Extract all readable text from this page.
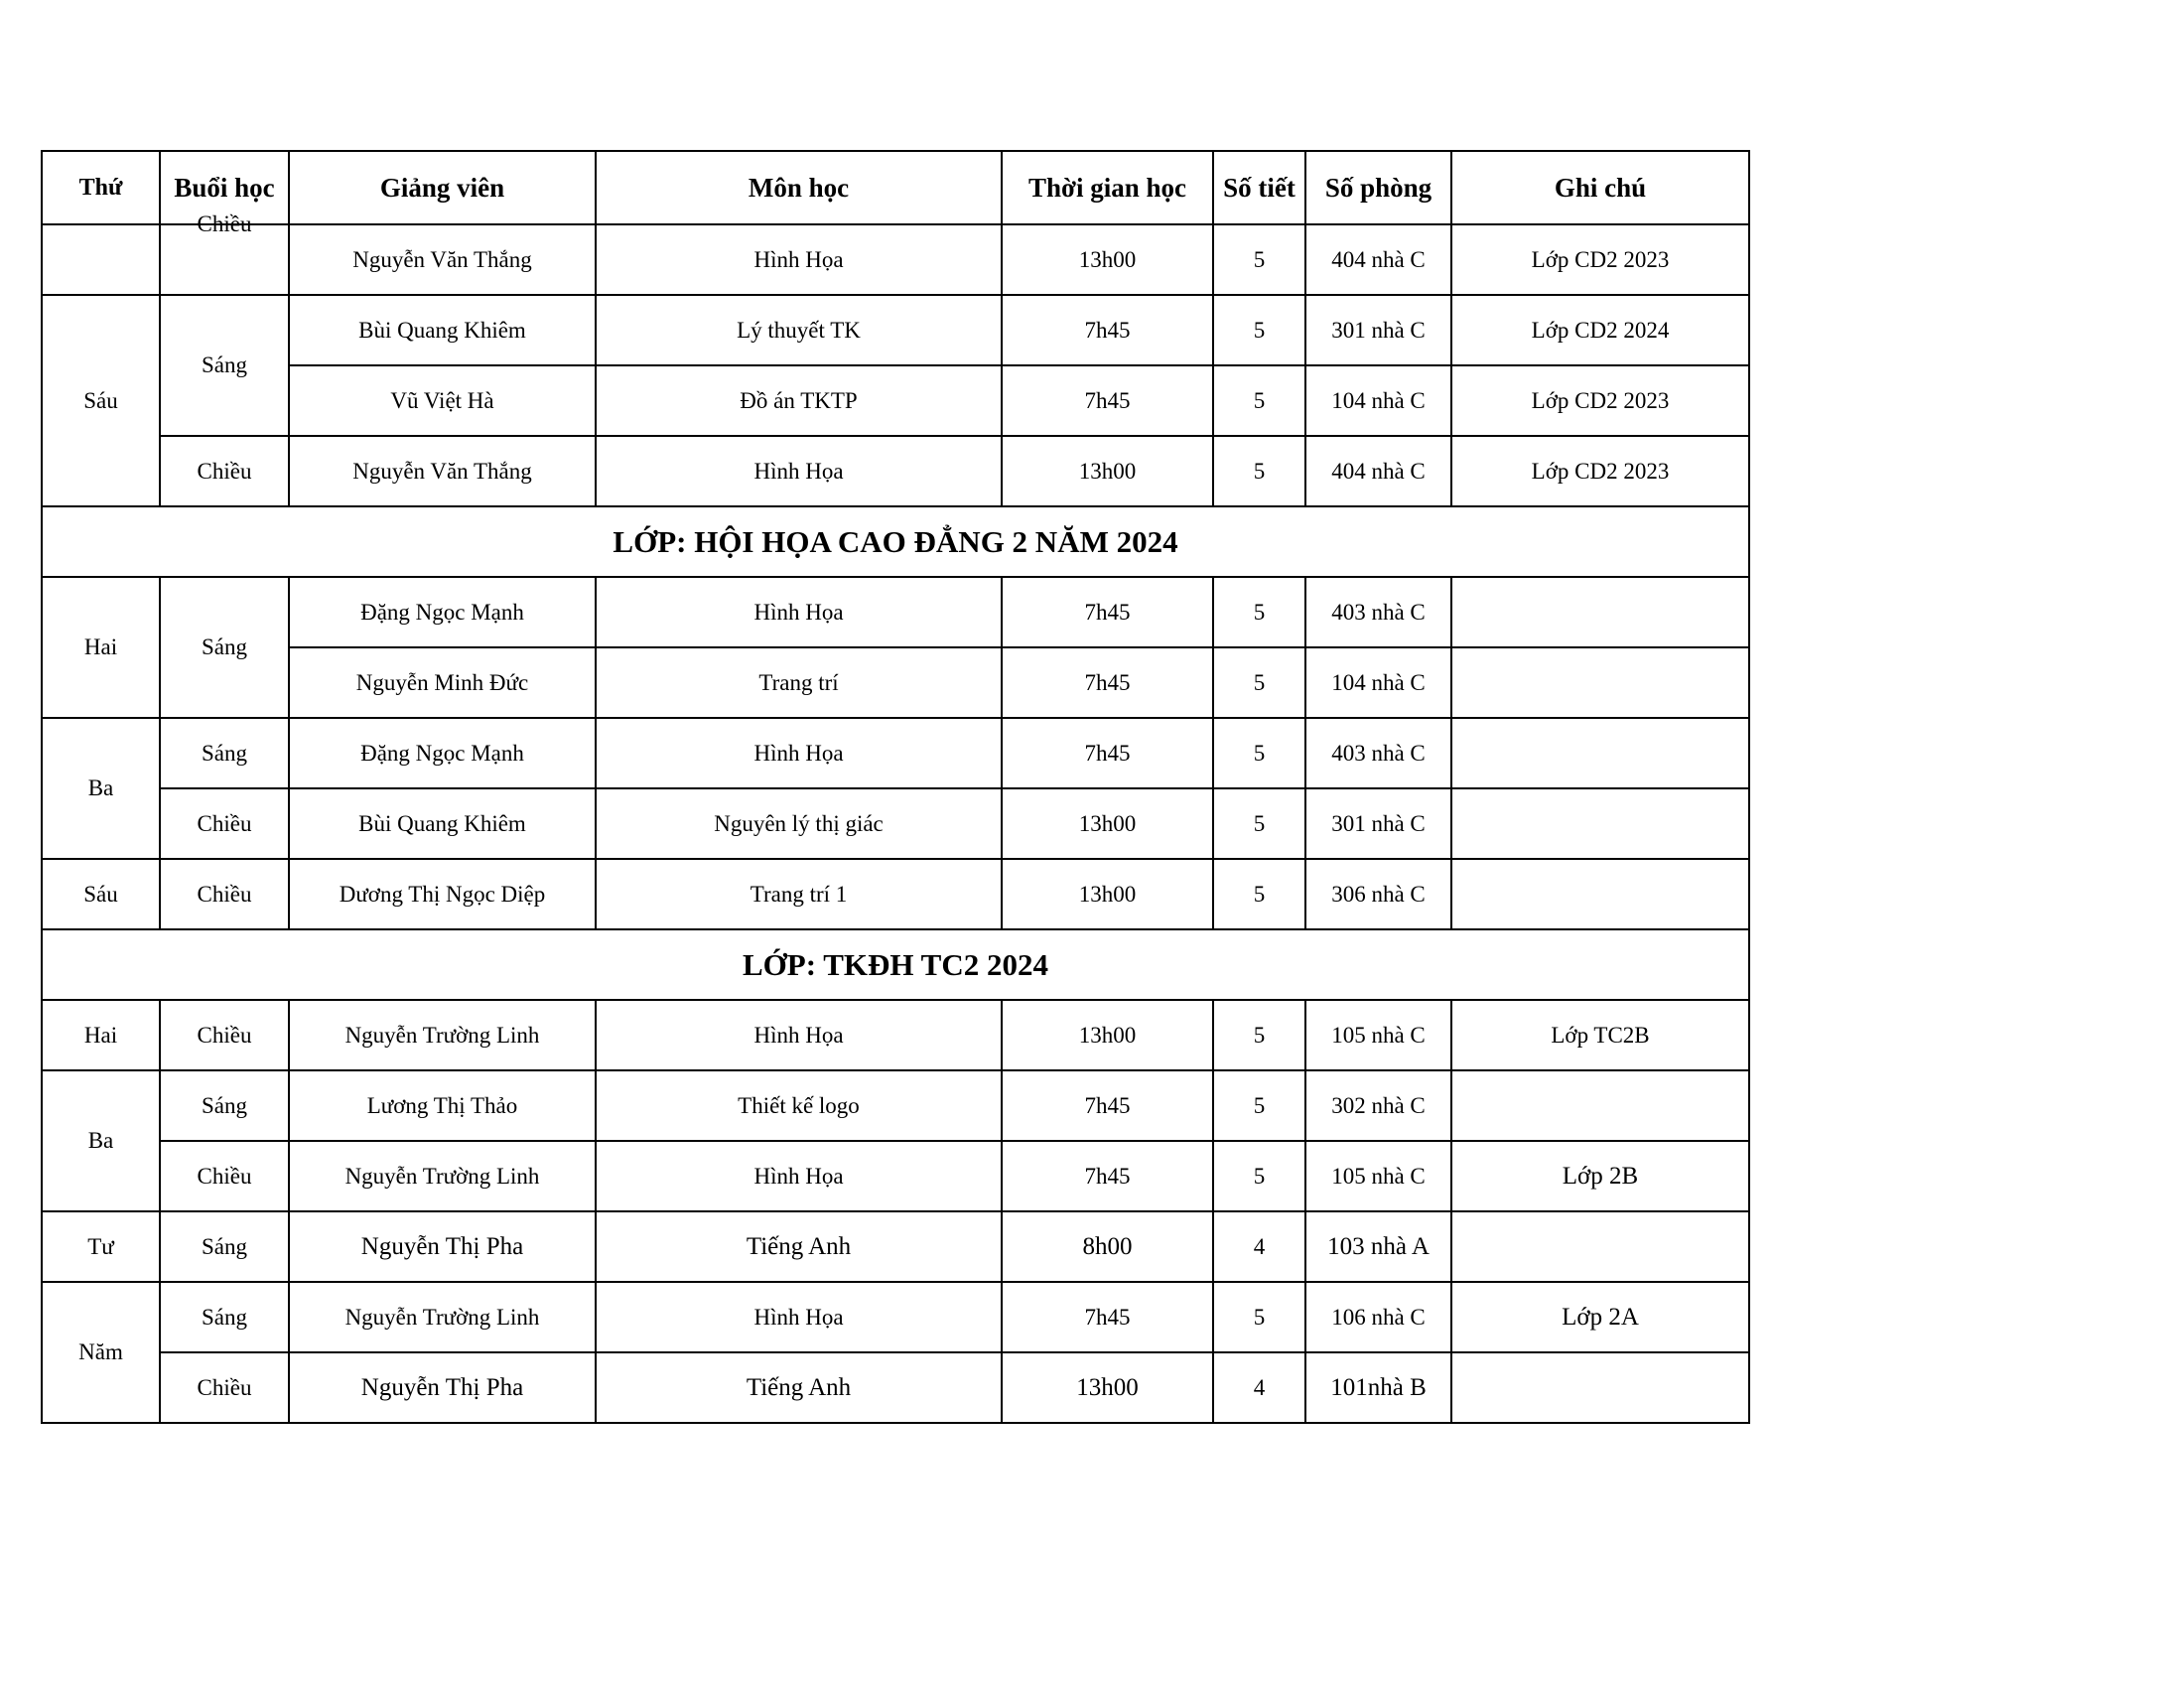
Thứ	Buổi học	Giảng viên	Môn học	Thời gian học	Số tiết	Số phòng	Ghi chú

	Chiều	Nguyễn Văn Thắng	Hình Họa	13h00	5	404 nhà C	Lớp CD2 2023
Sáu	Sáng	Bùi Quang Khiêm	Lý thuyết TK	7h45	5	301 nhà C	Lớp CD2 2024
		Vũ Việt Hà	Đồ án TKTP	7h45	5	104 nhà C	Lớp CD2 2023
	Chiều	Nguyễn Văn Thắng	Hình Họa	13h00	5	404 nhà C	Lớp CD2 2023
LỚP: HỘI HỌA CAO ĐẲNG 2 NĂM 2024							
Hai	Sáng	Đặng Ngọc Mạnh	Hình Họa	7h45	5	403 nhà C	
		Nguyễn Minh Đức	Trang trí	7h45	5	104 nhà C	
Ba	Sáng	Đặng Ngọc Mạnh	Hình Họa	7h45	5	403 nhà C	
	Chiều	Bùi Quang Khiêm	Nguyên lý thị giác	13h00	5	301 nhà C	
Sáu	Chiều	Dương Thị Ngọc Diệp	Trang trí 1	13h00	5	306 nhà C	
LỚP: TKĐH TC2 2024							
Hai	Chiều	Nguyễn Trường Linh	Hình Họa	13h00	5	105 nhà C	Lớp TC2B
Ba	Sáng	Lương Thị Thảo	Thiết kế logo	7h45	5	302 nhà C	
	Chiều	Nguyễn Trường Linh	Hình Họa	7h45	5	105 nhà C	Lớp 2B
Tư	Sáng	Nguyễn Thị Pha	Tiếng Anh	8h00	4	103 nhà A	
Năm	Sáng	Nguyễn Trường Linh	Hình Họa	7h45	5	106 nhà C	Lớp 2A
	Chiều	Nguyễn Thị Pha	Tiếng Anh	13h00	4	101nhà B	
